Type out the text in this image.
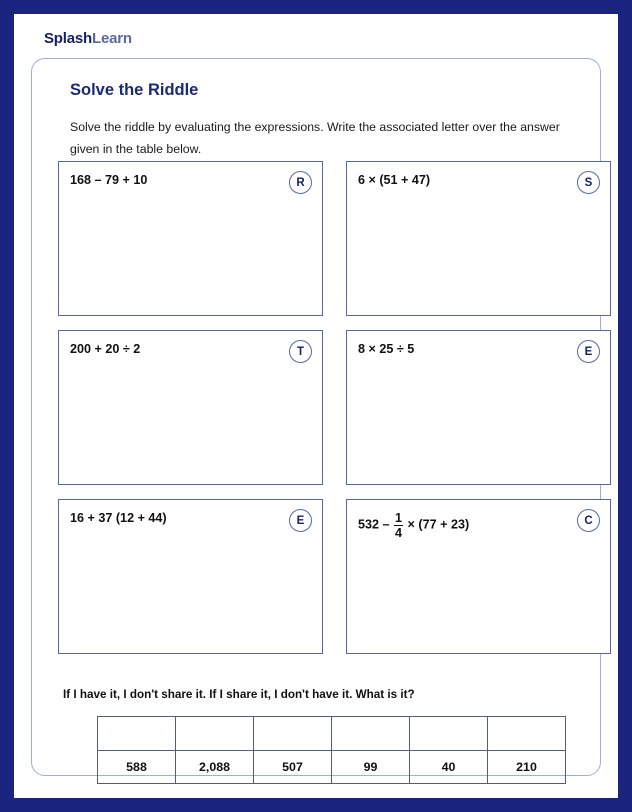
SplashLearn
Solve the Riddle
Solve the riddle by evaluating the expressions. Write the associated letter over the answer given in the table below.
168 – 79 + 10	R	6 × (51 + 47)	S
200 + 20 ÷ 2	T	8 × 25 ÷ 5	E
16 + 37 (12 + 44)	E	$532 - \frac{1}{4} \times (77 + 23)$	C
If I have it, I don't share it. If I share it, I don't have it. What is it?

588	2,088	507	99	40	210
